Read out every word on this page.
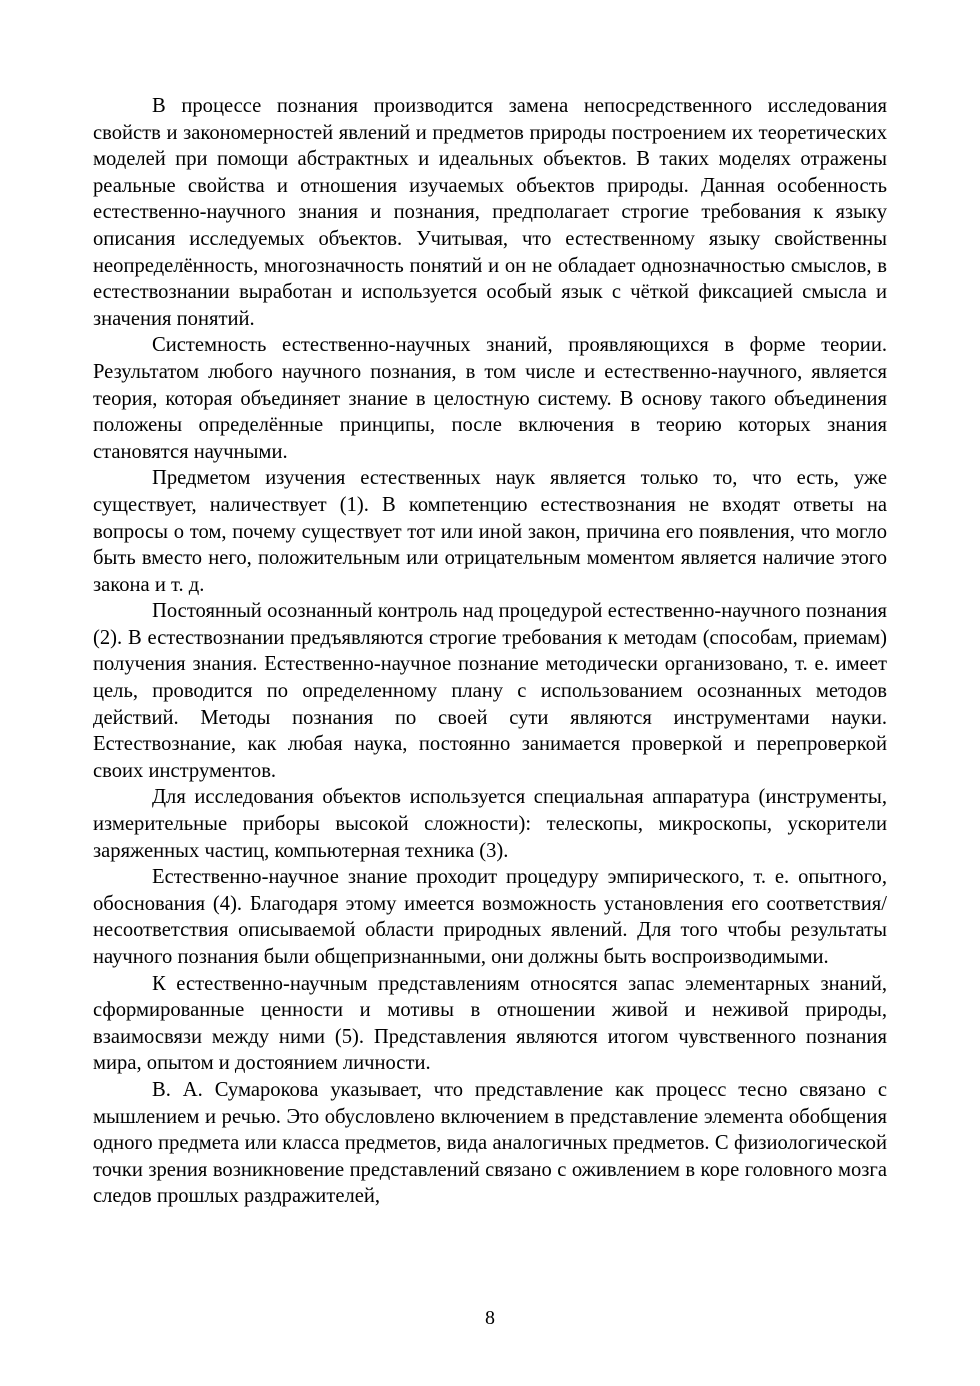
В процессе познания производится замена непосредственного исследования свойств и закономерностей явлений и предметов природы построением их теоретических моделей при помощи абстрактных и идеальных объектов. В таких моделях отражены реальные свойства и отношения изучаемых объектов природы. Данная особенность естественно-научного знания и познания, предполагает строгие требования к языку описания исследуемых объектов. Учитывая, что естественному языку свойственны неопределённость, многозначность понятий и он не обладает однозначностью смыслов, в естествознании выработан и используется особый язык с чёткой фиксацией смысла и значения понятий.

Системность естественно-научных знаний, проявляющихся в форме теории. Результатом любого научного познания, в том числе и естественно-научного, является теория, которая объединяет знание в целостную систему. В основу такого объединения положены определённые принципы, после включения в теорию которых знания становятся научными.

Предметом изучения естественных наук является только то, что есть, уже существует, наличествует (1). В компетенцию естествознания не входят ответы на вопросы о том, почему существует тот или иной закон, причина его появления, что могло быть вместо него, положительным или отрицательным моментом является наличие этого закона и т. д.

Постоянный осознанный контроль над процедурой естественно-научного познания (2). В естествознании предъявляются строгие требования к методам (способам, приемам) получения знания. Естественно-научное познание методически организовано, т. е. имеет цель, проводится по определенному плану с использованием осознанных методов действий. Методы познания по своей сути являются инструментами науки. Естествознание, как любая наука, постоянно занимается проверкой и перепроверкой своих инструментов.

Для исследования объектов используется специальная аппаратура (инструменты, измерительные приборы высокой сложности): телескопы, микроскопы, ускорители заряженных частиц, компьютерная техника (3).

Естественно-научное знание проходит процедуру эмпирического, т. е. опытного, обоснования (4). Благодаря этому имеется возможность установления его соответствия/несоответствия описываемой области природных явлений. Для того чтобы результаты научного познания были общепризнанными, они должны быть воспроизводимыми.

К естественно-научным представлениям относятся запас элементарных знаний, сформированные ценности и мотивы в отношении живой и неживой природы, взаимосвязи между ними (5). Представления являются итогом чувственного познания мира, опытом и достоянием личности.

В. А. Сумарокова указывает, что представление как процесс тесно связано с мышлением и речью. Это обусловлено включением в представление элемента обобщения одного предмета или класса предметов, вида аналогичных предметов. С физиологической точки зрения возникновение представлений связано с оживлением в коре головного мозга следов прошлых раздражителей,

8
